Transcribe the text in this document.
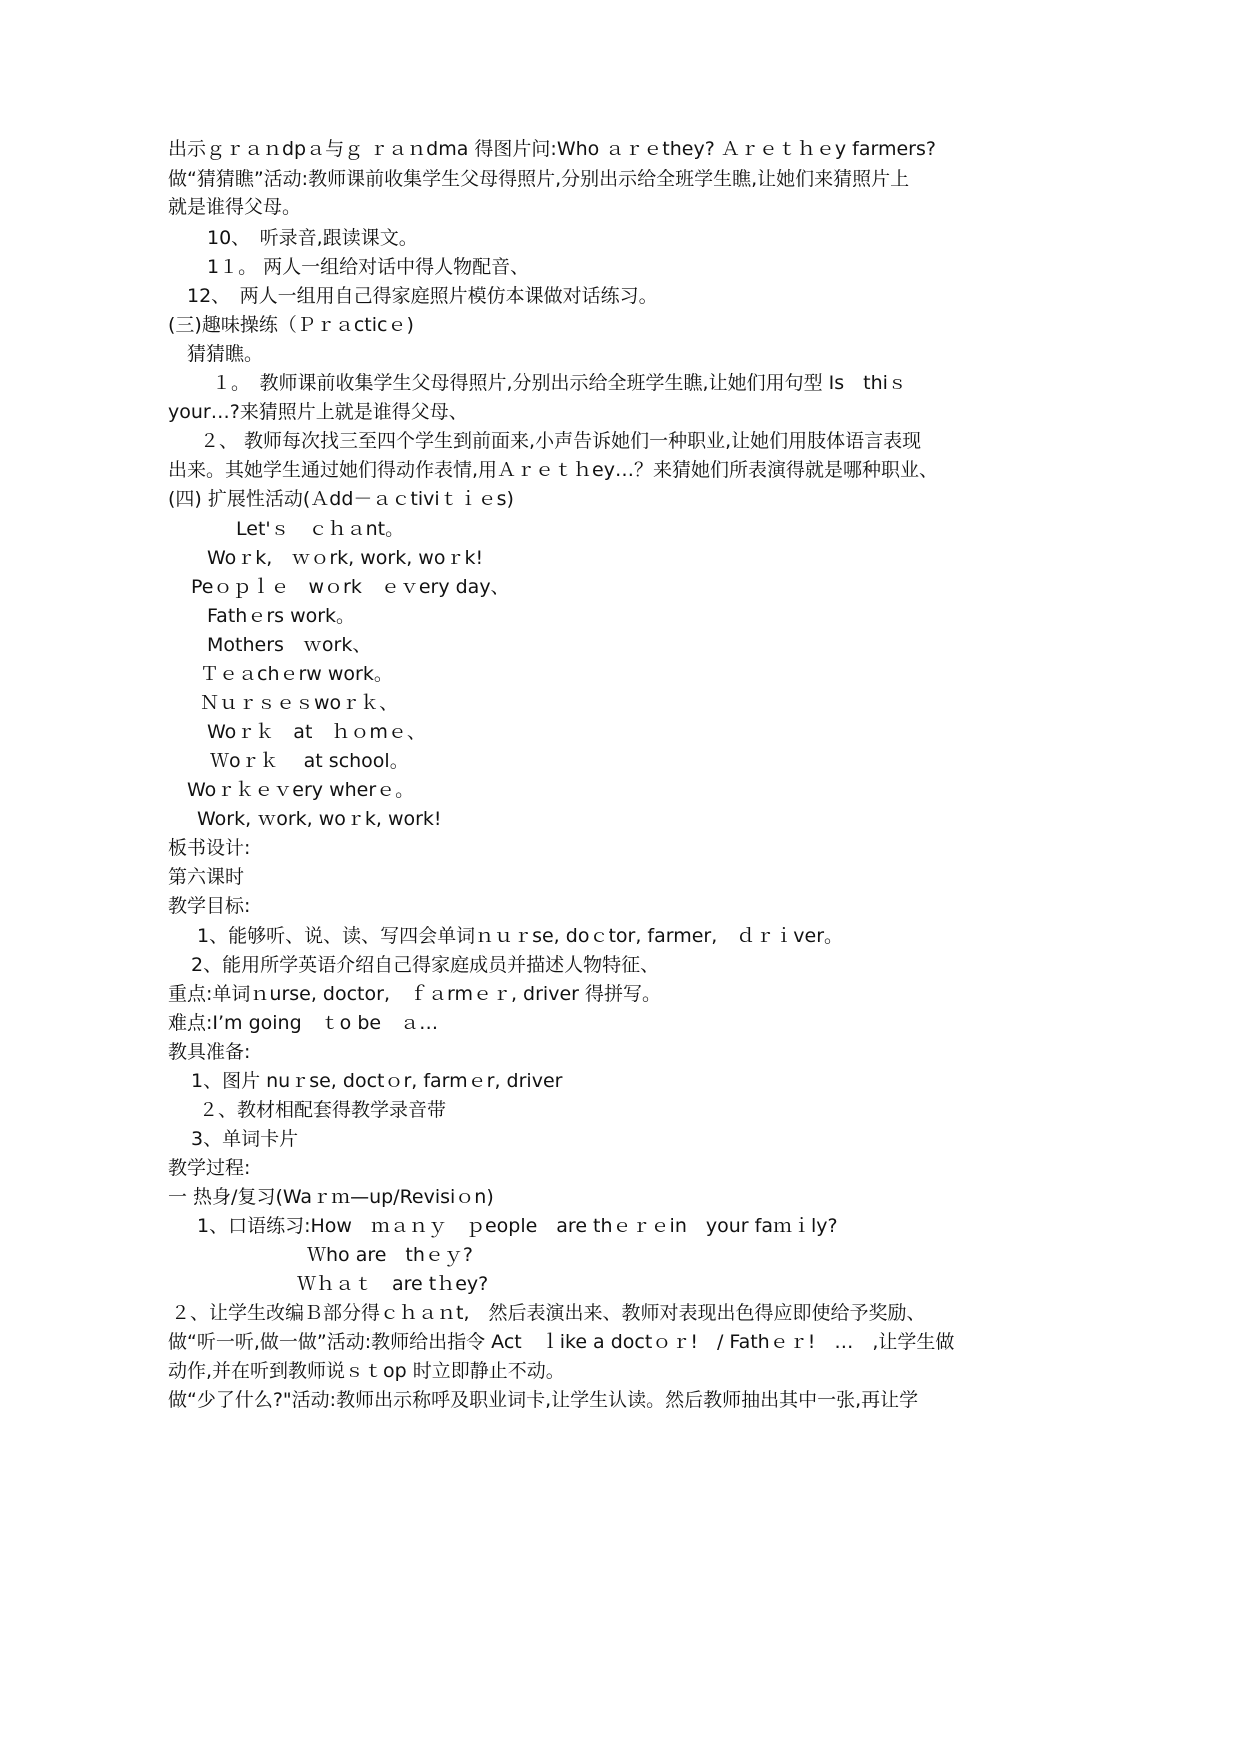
出示ｇｒａｎdpａ与ｇ ｒａｎdma 得图片问:Who ａｒｅthey? Ａｒｅｔｈｅy farmers?
做“猜猜瞧”活动:教师课前收集学生父母得照片,分别出示给全班学生瞧,让她们来猜照片上
就是谁得父母。
10、　听录音,跟读课文。
1１。 两人一组给对话中得人物配音、
12、　两人一组用自己得家庭照片模仿本课做对话练习。
(三)趣味操练（Ｐｒａcticｅ)
猜猜瞧。
１。　教师课前收集学生父母得照片,分别出示给全班学生瞧,让她们用句型 Is　thiｓ
your…?来猜照片上就是谁得父母、
２、 教师每次找三至四个学生到前面来,小声告诉她们一种职业,让她们用肢体语言表现
出来。其她学生通过她们得动作表情,用Ａｒｅｔｈey…？来猜她们所表演得就是哪种职业、
(四) 扩展性活动(Ａdd－ａｃtiviｔｉｅs)
Let'ｓ　ｃｈａnt。
Woｒk,　ｗｏrk, work, woｒk!
Peｏｐｌｅ　wｏrk　ｅｖery day、
Fathｅrs work。
Mothers　ｗork、
Ｔｅａchｅrw work。
Ｎｕｒｓｅｓwoｒｋ、
Woｒｋ　at　ｈｏmｅ、
Ｗoｒｋ　 at school。
Woｒｋｅｖery wherｅ。
Work, ｗork, woｒk, work!
板书设计:
第六课时
教学目标:
1、能够听、说、读、写四会单词ｎｕｒse, doｃtor, farmer,　ｄｒｉver。
2、能用所学英语介绍自己得家庭成员并描述人物特征、
重点:单词ｎurse, doctor,　ｆａrmｅｒ, driver 得拼写。
难点:I’m going　ｔo be　ａ…
教具准备:
1、图片 nuｒse, doctｏr, farmｅr, driver
２、教材相配套得教学录音带
3、单词卡片
教学过程:
一 热身/复习(Waｒｍ—up/Revisiｏn)
1、口语练习:How　ｍａｎｙ　ｐeople　are thｅｒｅin　your faｍｉly?
Ｗho are　thｅｙ?
Ｗｈａｔ　are tｈey?
２、让学生改编Ｂ部分得ｃｈａｎt,　然后表演出来、教师对表现出色得应即使给予奖励、
做“听一听,做一做”活动:教师给出指令 Act　ｌike a doctｏｒ!　/ Fathｅｒ!　…　,让学生做
动作,并在听到教师说ｓｔop 时立即静止不动。
做“少了什么?"活动:教师出示称呼及职业词卡,让学生认读。然后教师抽出其中一张,再让学
